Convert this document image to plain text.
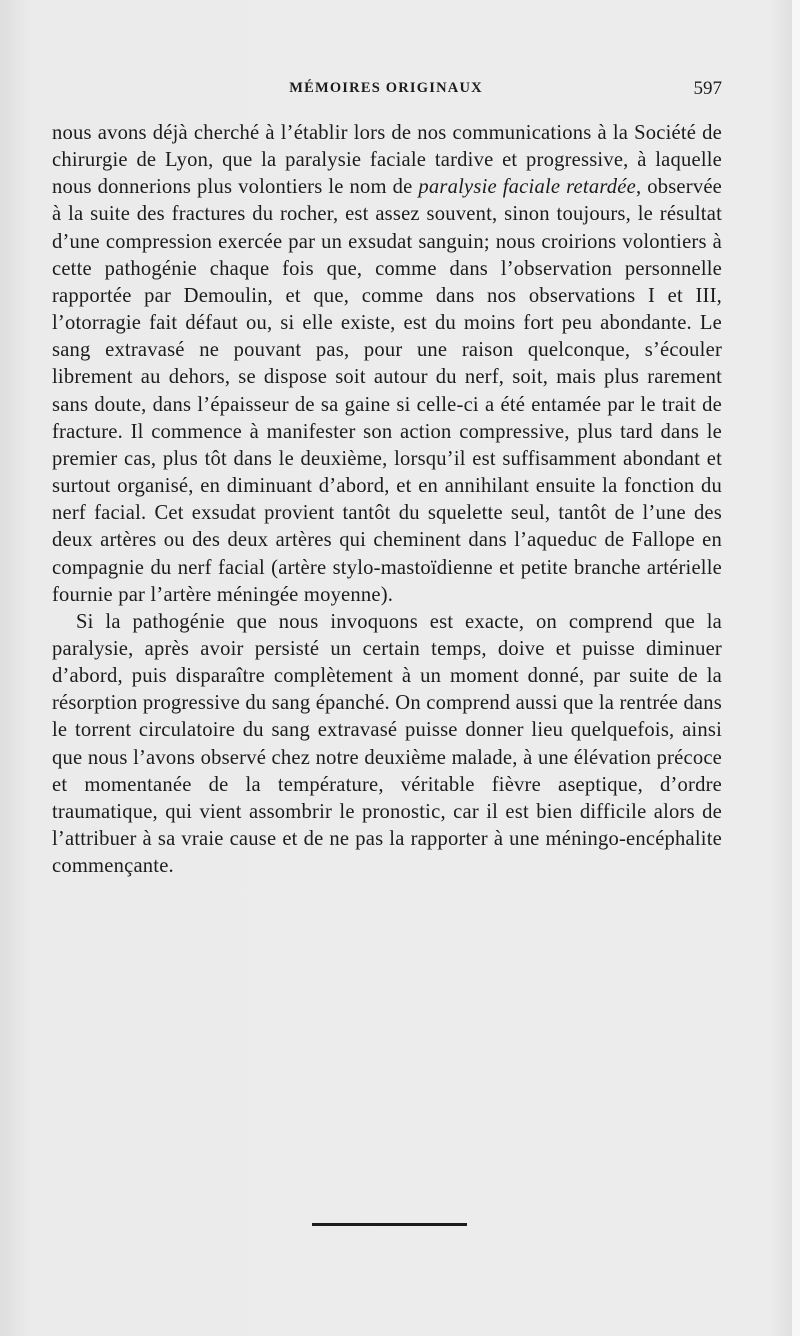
MÉMOIRES ORIGINAUX	597

nous avons déjà cherché à l’établir lors de nos communications à la Société de chirurgie de Lyon, que la paralysie faciale tardive et progressive, à laquelle nous donnerions plus volontiers le nom de paralysie faciale retardée, observée à la suite des fractures du rocher, est assez souvent, sinon toujours, le résultat d’une compression exercée par un exsudat sanguin; nous croirions volontiers à cette pathogénie chaque fois que, comme dans l’observation personnelle rapportée par Demoulin, et que, comme dans nos observations I et III, l’otorragie fait défaut ou, si elle existe, est du moins fort peu abondante. Le sang extravasé ne pouvant pas, pour une raison quelconque, s’écouler librement au dehors, se dispose soit autour du nerf, soit, mais plus rarement sans doute, dans l’épaisseur de sa gaine si celle-ci a été entamée par le trait de fracture. Il commence à manifester son action compressive, plus tard dans le premier cas, plus tôt dans le deuxième, lorsqu’il est suffisamment abondant et surtout organisé, en diminuant d’abord, et en annihilant ensuite la fonction du nerf facial. Cet exsudat provient tantôt du squelette seul, tantôt de l’une des deux artères ou des deux artères qui cheminent dans l’aqueduc de Fallope en compagnie du nerf facial (artère stylo-mastoïdienne et petite branche artérielle fournie par l’artère méningée moyenne).

Si la pathogénie que nous invoquons est exacte, on comprend que la paralysie, après avoir persisté un certain temps, doive et puisse diminuer d’abord, puis disparaître complètement à un moment donné, par suite de la résorption progressive du sang épanché. On comprend aussi que la rentrée dans le torrent circulatoire du sang extravasé puisse donner lieu quelquefois, ainsi que nous l’avons observé chez notre deuxième malade, à une élévation précoce et momentanée de la température, véritable fièvre aseptique, d’ordre traumatique, qui vient assombrir le pronostic, car il est bien difficile alors de l’attribuer à sa vraie cause et de ne pas la rapporter à une méningo-encéphalite commençante.
